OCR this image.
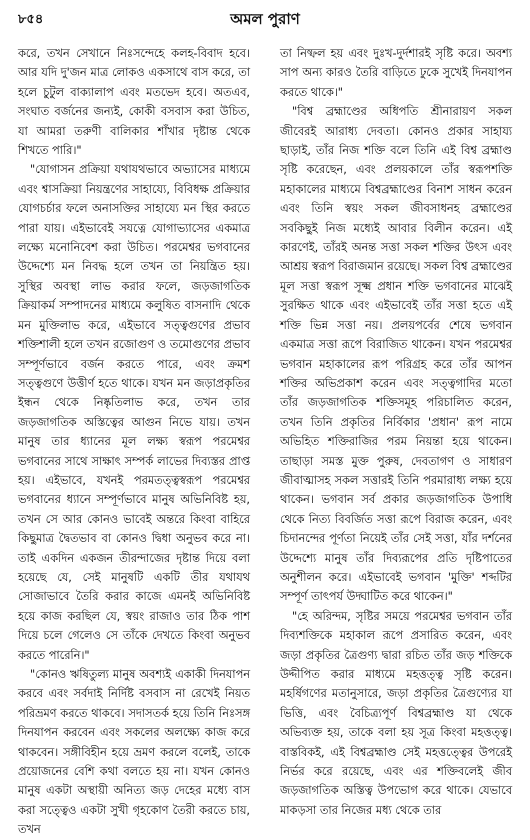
৮৫৪	অমল পুরাণ

করে, তখন সেখানে নিঃসন্দেহে কলহ-বিবাদ হবে। আর যদি দু'জন মাত্র লোকও একসাথে বাস করে, তা হলে চুটুল বাক্যালাপ এবং মতভেদ হবে। অতএব, সংঘাত বর্জনের জন্যই, কোকী বসবাস করা উচিত, যা আমরা তরুণী বালিকার শাঁখার দৃষ্টান্ত থেকে শিখতে পারি।"

"যোগাসন প্রক্রিয়া যথাযথভাবে অভ্যাসের মাধ্যমে এবং শ্বাসক্রিয়া নিয়ন্ত্রণের সাহায্যে, বিবিধক্ষ প্রক্রিয়ার যোগচর্চার ফলে অনাসক্তির সাহায্যে মন স্থির করতে পারা যায়। এইভাবেই সযত্নে যোগাভ্যাসের একমাত্র লক্ষ্যে মনোনিবেশ করা উচিত। পরমেশ্বর ভগবানের উদ্দেশ্যে মন নিবদ্ধ হলে তখন তা নিয়ন্ত্রিত হয়। সুস্থির অবস্থা লাভ করার ফলে, জড়জাগতিক ক্রিয়াকর্ম সম্পাদনের মাধ্যমে কলুষিত বাসনাদি থেকে মন মুক্তিলাভ করে, এইভাবে সত্ত্বগুণের প্রভাব শক্তিশালী হলে তখন রজোগুণ ও তমোগুণের প্রভাব সম্পূর্ণভাবে বর্জন করতে পারে, এবং ক্রমশ সত্ত্বগুণে উত্তীর্ণ হতে থাকে। যখন মন জড়াপ্রকৃতির ইন্ধন থেকে নিষ্কৃতিলাভ করে, তখন তার জড়জাগতিক অস্তিত্বের আগুন নিভে যায়। তখন মানুষ তার ধ্যানের মূল লক্ষ্য স্বরূপ পরমেশ্বর ভগবানের সাথে সাক্ষাৎ সম্পর্ক লাভের দিব্যস্তর প্রাপ্ত হয়। এইভাবে, যখনই পরমতত্ত্বস্বরূপ পরমেশ্বর ভগবানের ধ্যানে সম্পূর্ণভাবে মানুষ অভিনিবিষ্ট হয়, তখন সে আর কোনও ভাবেই অন্তরে কিংবা বাহিরে কিছুমাত্র দ্বৈতভাব বা কোনও দ্বিধা অনুভব করে না। তাই একদিন একজন তীরন্দাজের দৃষ্টান্ত দিয়ে বলা হয়েছে যে, সেই মানুষটি একটি তীর যথাযথ সোজাভাবে তৈরি করার কাজে এমনই অভিনিবিষ্ট হয়ে কাজ করছিল যে, স্বয়ং রাজাও তার ঠিক পাশ দিয়ে চলে গেলেও সে তাঁকে দেখতে কিংবা অনুভব করতে পারেনি।"

"কোনও ঋষিতুল্য মানুষ অবশ্যই একাকী দিনযাপন করবে এবং সর্বদাই নির্দিষ্ট বসবাস না রেখেই নিয়ত পরিভ্রমণ করতে থাকবে। সদাসতর্ক হয়ে তিনি নিঃসঙ্গ দিনযাপন করবেন এবং সকলের অলক্ষ্যে কাজ করে থাকবেন। সঙ্গীবিহীন হয়ে ভ্রমণ করলে বলেই, তাকে প্রয়োজনের বেশি কথা বলতে হয় না। যখন কোনও মানুষ একটা অস্থায়ী অনিত্য জড় দেহের মধ্যে বাস করা সত্ত্বেও একটা সুখী গৃহকোণ তৈরী করতে চায়, তখন

তা নিষ্ফল হয় এবং দুঃখ-দুর্দশারই সৃষ্টি করে। অবশ্য সাপ অন্য কারও তৈরি বাড়িতে ঢুকে সুখেই দিনযাপন করতে থাকে।"

"বিশ্ব ব্রহ্মাণ্ডের অধিপতি শ্রীনারায়ণ সকল জীবেরই আরাধ্য দেবতা। কোনও প্রকার সাহায্য ছাড়াই, তাঁর নিজ শক্তি বলে তিনি এই বিশ্ব ব্রহ্মাণ্ড সৃষ্টি করেছেন, এবং প্রলয়কালে তাঁর স্বরূপশক্তি মহাকালের মাধ্যমে বিশ্বব্রহ্মাণ্ডের বিনাশ সাধন করেন এবং তিনি স্বয়ং সকল জীবসাধনহ ব্রহ্মাণ্ডের সবকিছুই নিজ মধ্যেই আবার বিলীন করেন। এই কারণেই, তাঁরই অনন্ত সত্তা সকল শক্তির উৎস এবং আশ্রয় স্বরূপ বিরাজমান রয়েছে। সকল বিশ্ব ব্রহ্মাণ্ডের মূল সত্তা স্বরূপ সূক্ষ্ম প্রধান শক্তি ভগবানের মাঝেই সুরক্ষিত থাকে এবং এইভাবেই তাঁর সত্তা হতে এই শক্তি ভিন্ন সত্তা নয়। প্রলয়পর্বের শেষে ভগবান একমাত্র সত্তা রূপে বিরাজিত থাকেন। যখন পরমেশ্বর ভগবান মহাকালের রূপ পরিগ্রহ করে তাঁর আপন শক্তির অভিপ্রকাশ করেন এবং সত্ত্বগাদির মতো তাঁর জড়জাগতিক শক্তিসমূহ পরিচালিত করেন, তখন তিনি প্রকৃতির নির্বিকার 'প্রধান' রূপ নামে অভিহিত শক্তিরাজির পরম নিয়ন্তা হয়ে থাকেন। তাছাড়া সমস্ত মুক্ত পুরুষ, দেবতাগণ ও সাধারণ জীবাত্মাসহ সকল সত্তারই তিনি পরমারাধ্য লক্ষ্য হয়ে থাকেন। ভগবান সর্ব প্রকার জড়জাগতিক উপাধি থেকে নিত্য বিবর্জিত সত্তা রূপে বিরাজ করেন, এবং চিদানন্দের পূর্ণতা নিয়েই তাঁর সেই সত্তা, যাঁর দর্শনের উদ্দেশ্যে মানুষ তাঁর দিব্যরূপের প্রতি দৃষ্টিপাতের অনুশীলন করে। এইভাবেই ভগবান 'মুক্তি' শব্দটির সম্পূর্ণ তাৎপর্য উদ্ঘাটিত করে থাকেন।"

"হে অরিন্দম, সৃষ্টির সময়ে পরমেশ্বর ভগবান তাঁর দিব্যশক্তিকে মহাকাল রূপে প্রসারিত করেন, এবং জড়া প্রকৃতির ত্রৈগুণ্য দ্বারা রচিত তাঁর জড় শক্তিকে উদ্দীপিত করার মাধ্যমে মহত্তত্ত্ব সৃষ্টি করেন। মহর্ষিগণের মতানুসারে, জড়া প্রকৃতির ত্রৈগুণ্যের যা ভিত্তি, এবং বৈচিত্র্যপূর্ণ বিশ্বব্রহ্মাণ্ড যা থেকে অভিব্যক্ত হয়, তাকে বলা হয় সূত্র কিংবা মহত্তত্ত্ব। বাস্তবিকই, এই বিশ্বব্রহ্মাণ্ড সেই মহত্তত্ত্বের উপরেই নির্ভর করে রয়েছে, এবং এর শক্তিবলেই জীব জড়জাগতিক অস্তিত্ব উপভোগ করে থাকে। যেভাবে মাকড়সা তার নিজের মধ্য থেকে তার
